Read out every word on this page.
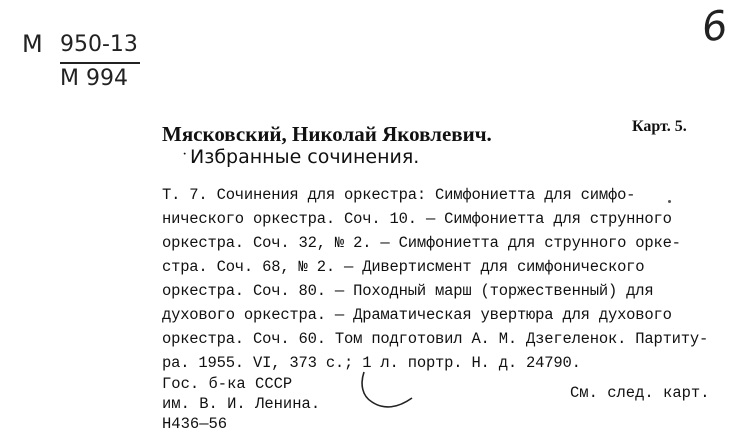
М 950-13
М 994
6
Карт. 5.
Мясковский, Николай Яковлевич.
· Избранные сочинения.
Т. 7. Сочинения для оркестра: Симфониетта для симфо-
нического оркестра. Соч. 10. — Симфониетта для струнного
оркестра. Соч. 32, № 2. — Симфониетта для струнного орке-
стра. Соч. 68, № 2. — Дивертисмент для симфонического
оркестра. Соч. 80. — Походный марш (торжественный) для
духового оркестра. — Драматическая увертюра для духового
оркестра. Соч. 60. Том подготовил А. М. Дзегеленок. Партиту-
ра. 1955. VI, 373 с.; 1 л. портр. Н. д. 24790.
Гос. б-ка СССР
им. В. И. Ленина.
Н436—56
См. след. карт.
